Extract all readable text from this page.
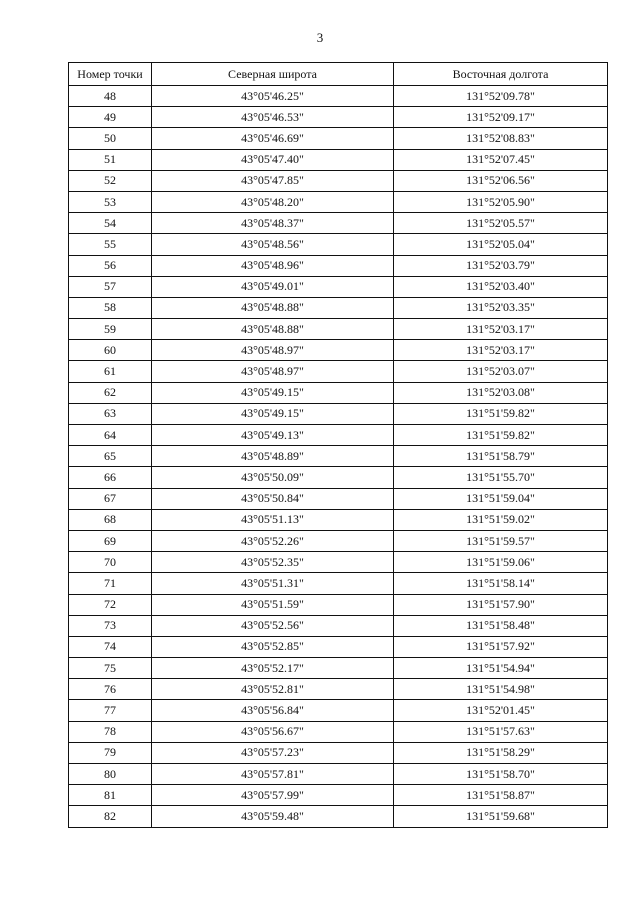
3
Номер точки	Северная широта	Восточная долгота
48	43°05'46.25"	131°52'09.78"
49	43°05'46.53"	131°52'09.17"
50	43°05'46.69"	131°52'08.83"
51	43°05'47.40"	131°52'07.45"
52	43°05'47.85"	131°52'06.56"
53	43°05'48.20"	131°52'05.90"
54	43°05'48.37"	131°52'05.57"
55	43°05'48.56"	131°52'05.04"
56	43°05'48.96"	131°52'03.79"
57	43°05'49.01"	131°52'03.40"
58	43°05'48.88"	131°52'03.35"
59	43°05'48.88"	131°52'03.17"
60	43°05'48.97"	131°52'03.17"
61	43°05'48.97"	131°52'03.07"
62	43°05'49.15"	131°52'03.08"
63	43°05'49.15"	131°51'59.82"
64	43°05'49.13"	131°51'59.82"
65	43°05'48.89"	131°51'58.79"
66	43°05'50.09"	131°51'55.70"
67	43°05'50.84"	131°51'59.04"
68	43°05'51.13"	131°51'59.02"
69	43°05'52.26"	131°51'59.57"
70	43°05'52.35"	131°51'59.06"
71	43°05'51.31"	131°51'58.14"
72	43°05'51.59"	131°51'57.90"
73	43°05'52.56"	131°51'58.48"
74	43°05'52.85"	131°51'57.92"
75	43°05'52.17"	131°51'54.94"
76	43°05'52.81"	131°51'54.98"
77	43°05'56.84"	131°52'01.45"
78	43°05'56.67"	131°51'57.63"
79	43°05'57.23"	131°51'58.29"
80	43°05'57.81"	131°51'58.70"
81	43°05'57.99"	131°51'58.87"
82	43°05'59.48"	131°51'59.68"
